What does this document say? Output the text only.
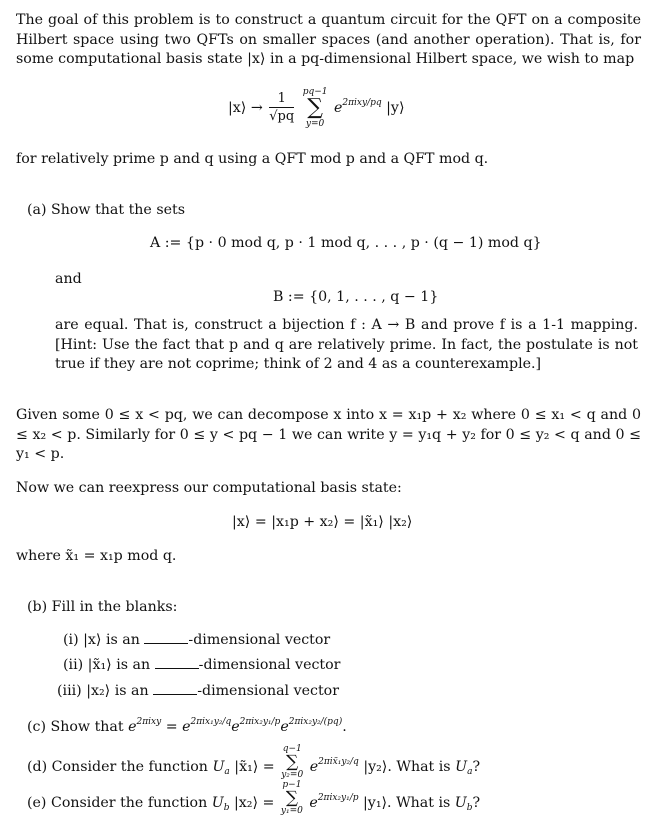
The goal of this problem is to construct a quantum circuit for the QFT on a composite Hilbert space using two QFTs on smaller spaces (and another operation). That is, for some computational basis state |x⟩ in a pq-dimensional Hilbert space, we wish to map
|x⟩ → $\frac{1}{√pq}$
pq−1
∑
y=0
$e^{2\pi ixy/pq}$ |y⟩
for relatively prime p and q using a QFT mod p and a QFT mod q.
(a) Show that the sets
A := {p · 0 mod q, p · 1 mod q, . . . , p · (q − 1) mod q}
and
B := {0, 1, . . . , q − 1}
are equal. That is, construct a bijection f : A → B and prove f is a 1-1 mapping. [Hint: Use the fact that p and q are relatively prime. In fact, the postulate is not true if they are not coprime; think of 2 and 4 as a counterexample.]
Given some 0 ≤ x < pq, we can decompose x into x = x₁p + x₂ where 0 ≤ x₁ < q and 0 ≤ x₂ < p. Similarly for 0 ≤ y < pq − 1 we can write y = y₁q + y₂ for 0 ≤ y₂ < q and 0 ≤ y₁ < p.
Now we can reexpress our computational basis state:
|x⟩ = |x₁p + x₂⟩ = |x̃₁⟩ |x₂⟩
where x̃₁ = x₁p mod q.
(b) Fill in the blanks:
(i) |x⟩ is an	-dimensional vector
(ii) |x̃₁⟩ is an	-dimensional vector
(iii) |x₂⟩ is an	-dimensional vector
(c) Show that $e^{2\pi ixy} = e^{2\pi ix_1y_2/q}e^{2\pi ix_2y_1/p}e^{2\pi ix_2y_2/(pq)}$.
(d) Consider the function $U_a$ |x̃₁⟩ =
q−1
∑
y₂=0 $e^{2\pi ix̃_1y_2/q}$ |y₂⟩. What is $U_a$?
(e) Consider the function $U_b$ |x₂⟩ =
p−1
∑
y₁=0 $e^{2\pi ix_2y_1/p}$ |y₁⟩. What is $U_b$?
